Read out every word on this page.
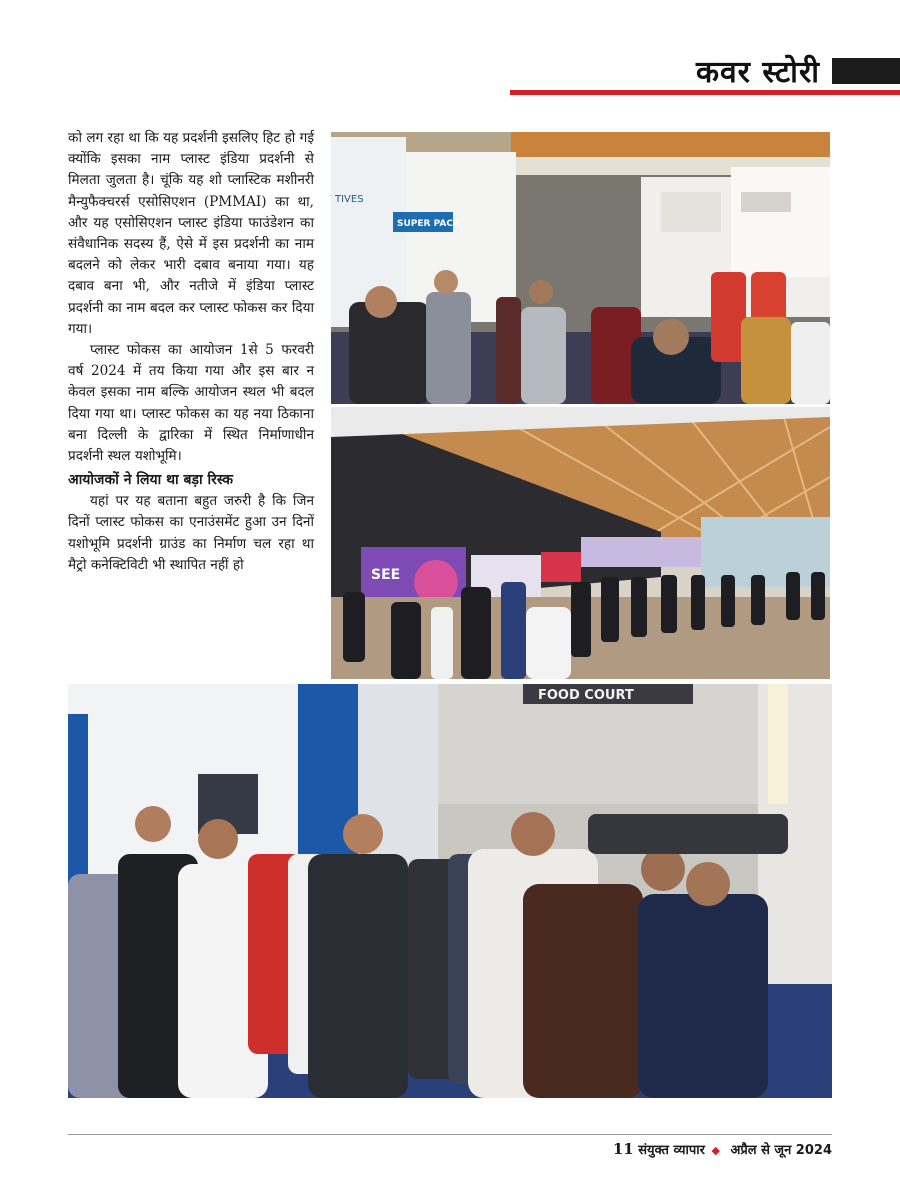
कवर स्टोरी

को लग रहा था कि यह प्रदर्शनी इसलिए हिट हो गई क्योंकि इसका नाम प्लास्ट इंडिया प्रदर्शनी से मिलता जुलता है। चूंकि यह शो प्लास्टिक मशीनरी मैन्युफैक्चरर्स एसोसिएशन (PMMAI) का था, और यह एसोसिएशन प्लास्ट इंडिया फाउंडेशन का संवैधानिक सदस्य हैं, ऐसे में इस प्रदर्शनी का नाम बदलने को लेकर भारी दबाव बनाया गया। यह दबाव बना भी, और नतीजे में इंडिया प्लास्ट प्रदर्शनी का नाम बदल कर प्लास्ट फोकस कर दिया गया।

प्लास्ट फोकस का आयोजन 1से 5 फरवरी वर्ष 2024 में तय किया गया और इस बार न केवल इसका नाम बल्कि आयोजन स्थल भी बदल दिया गया था। प्लास्ट फोकस का यह नया ठिकाना बना दिल्ली के द्वारिका में स्थित निर्माणाधीन प्रदर्शनी स्थल यशोभूमि।

आयोजकों ने लिया था बड़ा रिस्क

यहां पर यह बताना बहुत जरुरी है कि जिन दिनों प्लास्ट फोकस का एनाउंसमेंट हुआ उन दिनों यशोभूमि प्रदर्शनी ग्राउंड का निर्माण चल रहा था मैट्रो कनेक्टिविटी भी स्थापित नहीं हो

TIVES
SUPER PACK
SEE
FOOD COURT
11 संयुक्त व्यापार ◆ अप्रैल से जून 2024
